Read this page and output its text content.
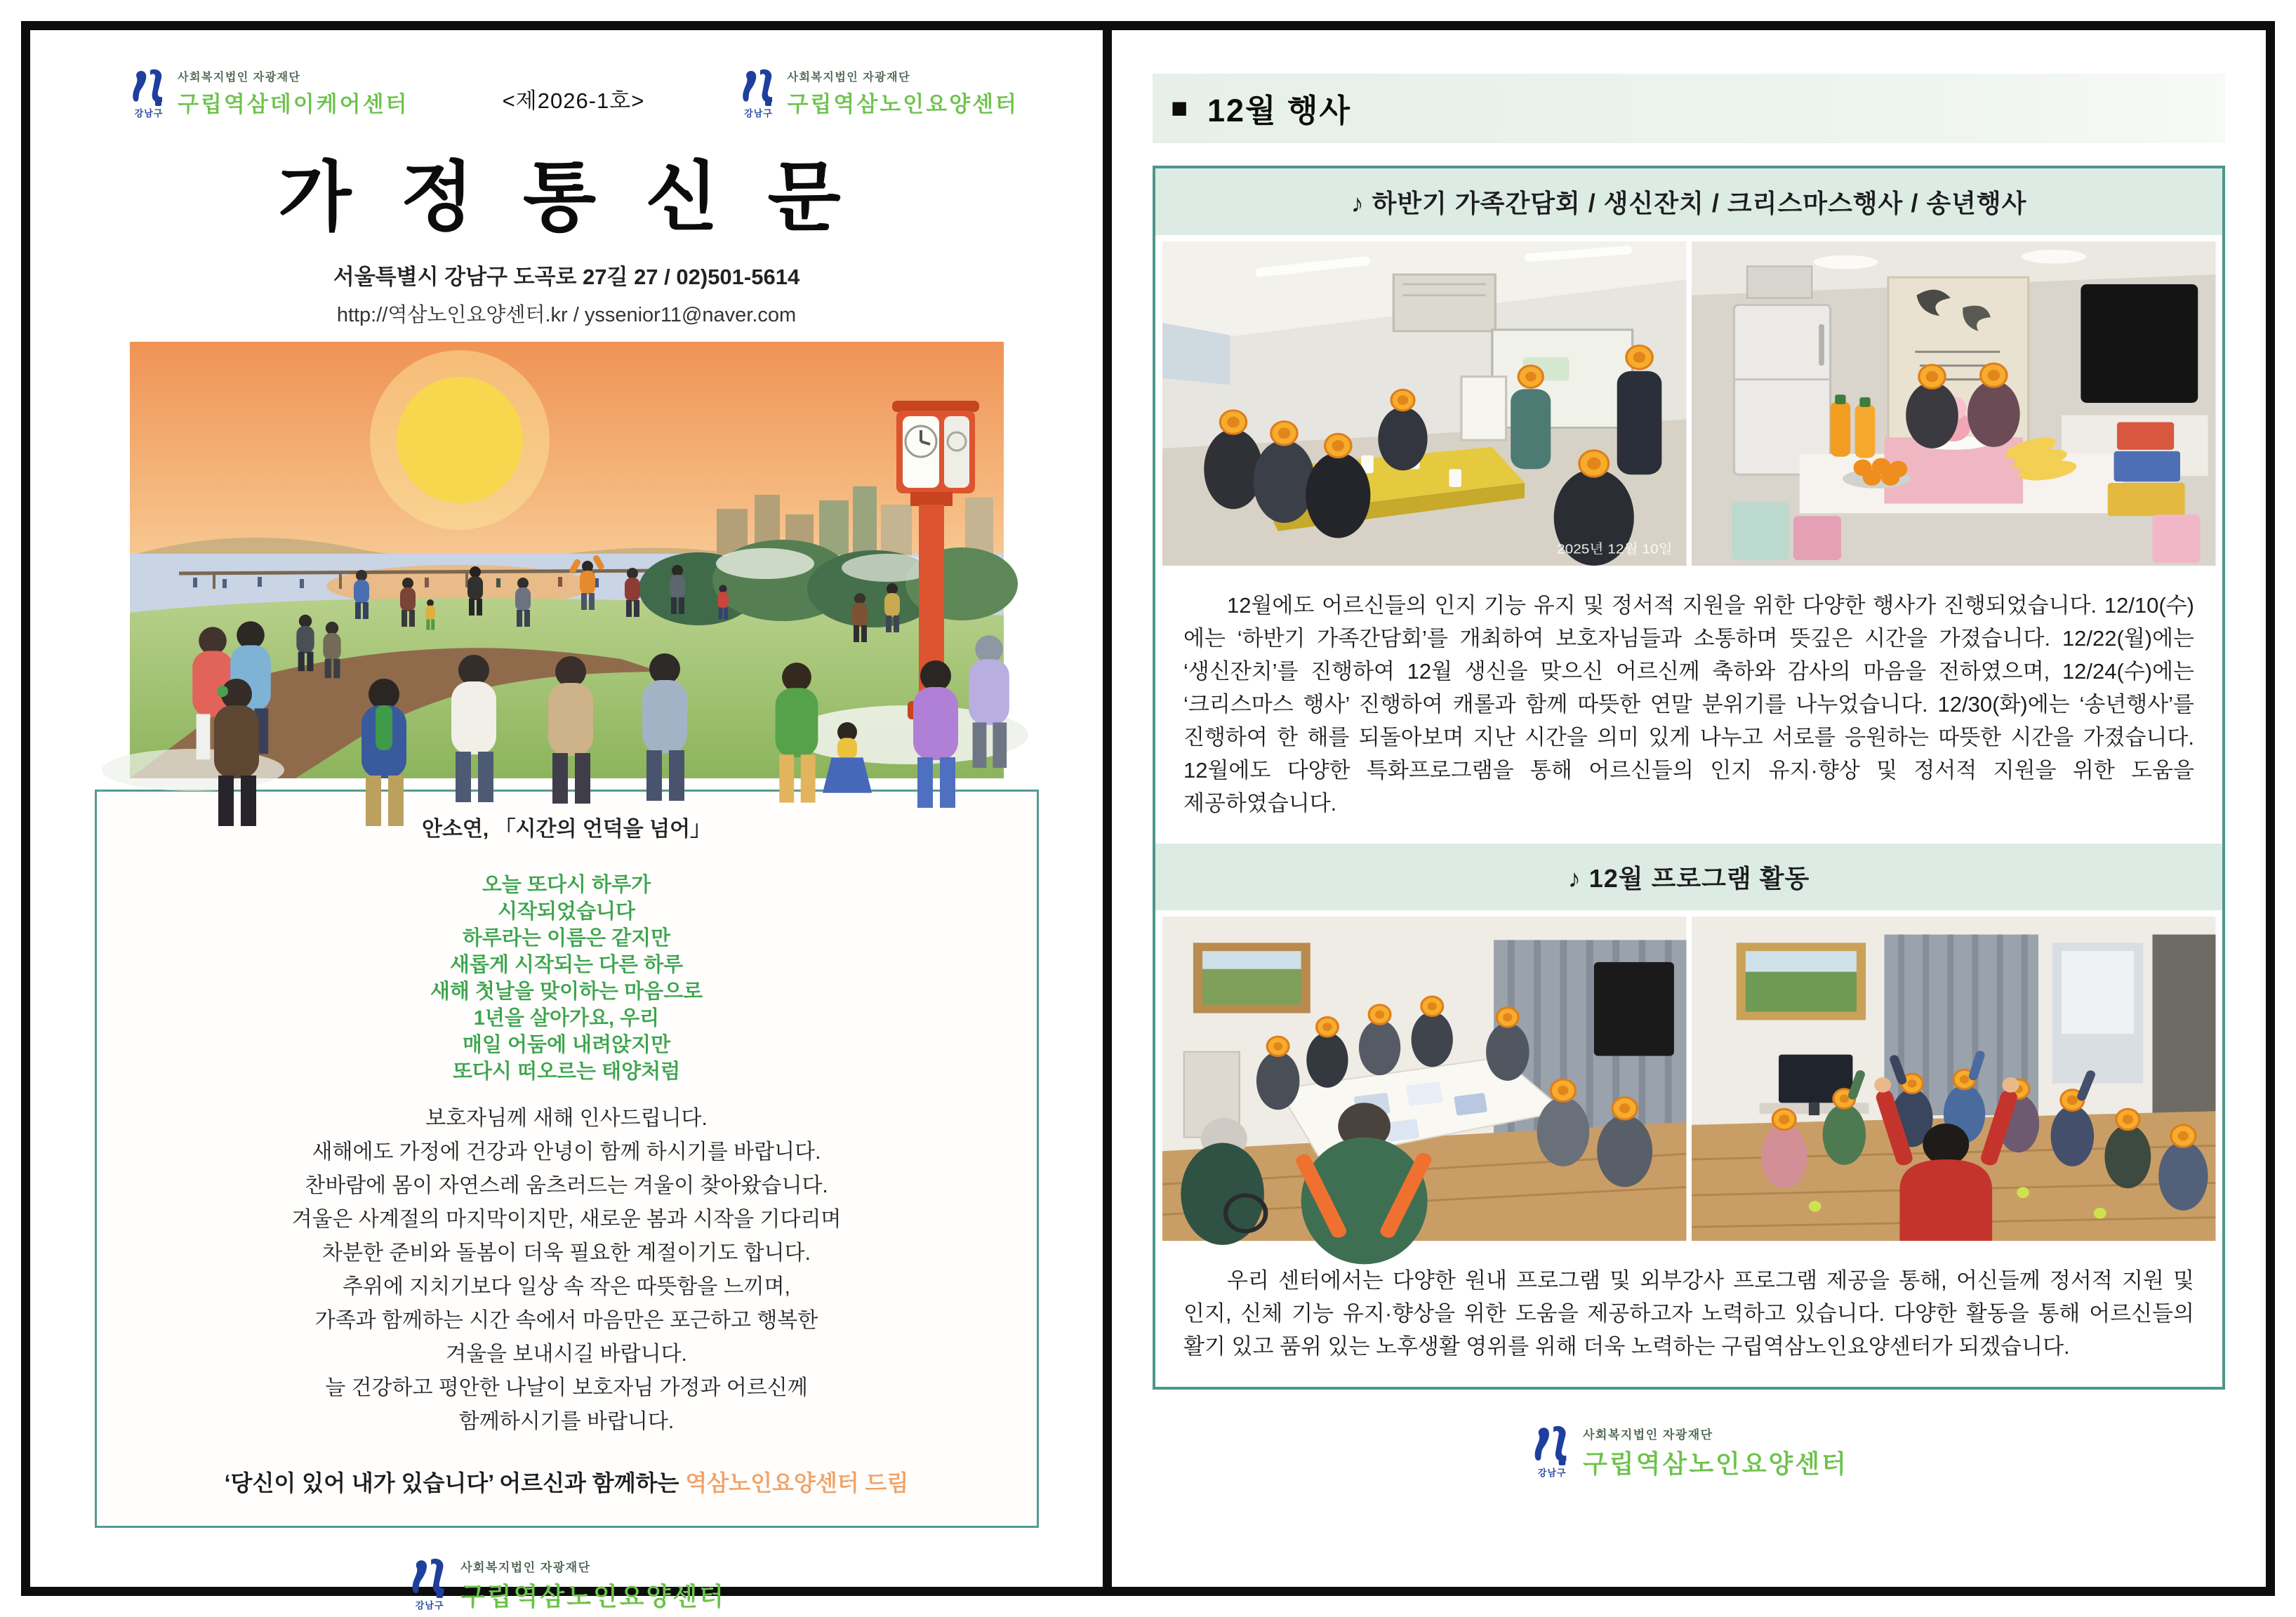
강남구
사회복지법인 자광재단
구립역삼데이케어센터	<제2026-1호>
강남구
사회복지법인 자광재단
구립역삼노인요양센터
가 정 통 신 문
서울특별시 강남구 도곡로 27길 27 / 02)501-5614
http://역삼노인요양센터.kr / yssenior11@naver.com
안소연, 「시간의 언덕을 넘어」
오늘 또다시 하루가
시작되었습니다
하루라는 이름은 같지만
새롭게 시작되는 다른 하루
새해 첫날을 맞이하는 마음으로
1년을 살아가요, 우리
매일 어둠에 내려앉지만
또다시 떠오르는 태양처럼
보호자님께 새해 인사드립니다.
새해에도 가정에 건강과 안녕이 함께 하시기를 바랍니다.
찬바람에 몸이 자연스레 움츠러드는 겨울이 찾아왔습니다.
겨울은 사계절의 마지막이지만, 새로운 봄과 시작을 기다리며
차분한 준비와 돌봄이 더욱 필요한 계절이기도 합니다.
추위에 지치기보다 일상 속 작은 따뜻함을 느끼며,
가족과 함께하는 시간 속에서 마음만은 포근하고 행복한
겨울을 보내시길 바랍니다.
늘 건강하고 평안한 나날이 보호자님 가정과 어르신께
함께하시기를 바랍니다.
‘당신이 있어 내가 있습니다’ 어르신과 함께하는 역삼노인요양센터 드림
강남구
사회복지법인 자광재단
구립역삼노인요양센터
■ 12월 행사
♪ 하반기 가족간담회 / 생신잔치 / 크리스마스행사 / 송년행사
2025년 12월 10일

12월에도 어르신들의 인지 기능 유지 및 정서적 지원을 위한 다양한 행사가 진행되었습니다. 12/10(수)에는 ‘하반기 가족간담회’를 개최하여 보호자님들과 소통하며 뜻깊은 시간을 가졌습니다. 12/22(월)에는 ‘생신잔치’를 진행하여 12월 생신을 맞으신 어르신께 축하와 감사의 마음을 전하였으며, 12/24(수)에는 ‘크리스마스 행사’ 진행하여 캐롤과 함께 따뜻한 연말 분위기를 나누었습니다. 12/30(화)에는 ‘송년행사’를 진행하여 한 해를 되돌아보며 지난 시간을 의미 있게 나누고 서로를 응원하는 따뜻한 시간을 가졌습니다. 12월에도 다양한 특화프로그램을 통해 어르신들의 인지 유지·향상 및 정서적 지원을 위한 도움을 제공하였습니다.

♪ 12월 프로그램 활동

우리 센터에서는 다양한 원내 프로그램 및 외부강사 프로그램 제공을 통해, 어신들께 정서적 지원 및 인지, 신체 기능 유지·향상을 위한 도움을 제공하고자 노력하고 있습니다. 다양한 활동을 통해 어르신들의 활기 있고 품위 있는 노후생활 영위를 위해 더욱 노력하는 구립역삼노인요양센터가 되겠습니다.

강남구
사회복지법인 자광재단
구립역삼노인요양센터
